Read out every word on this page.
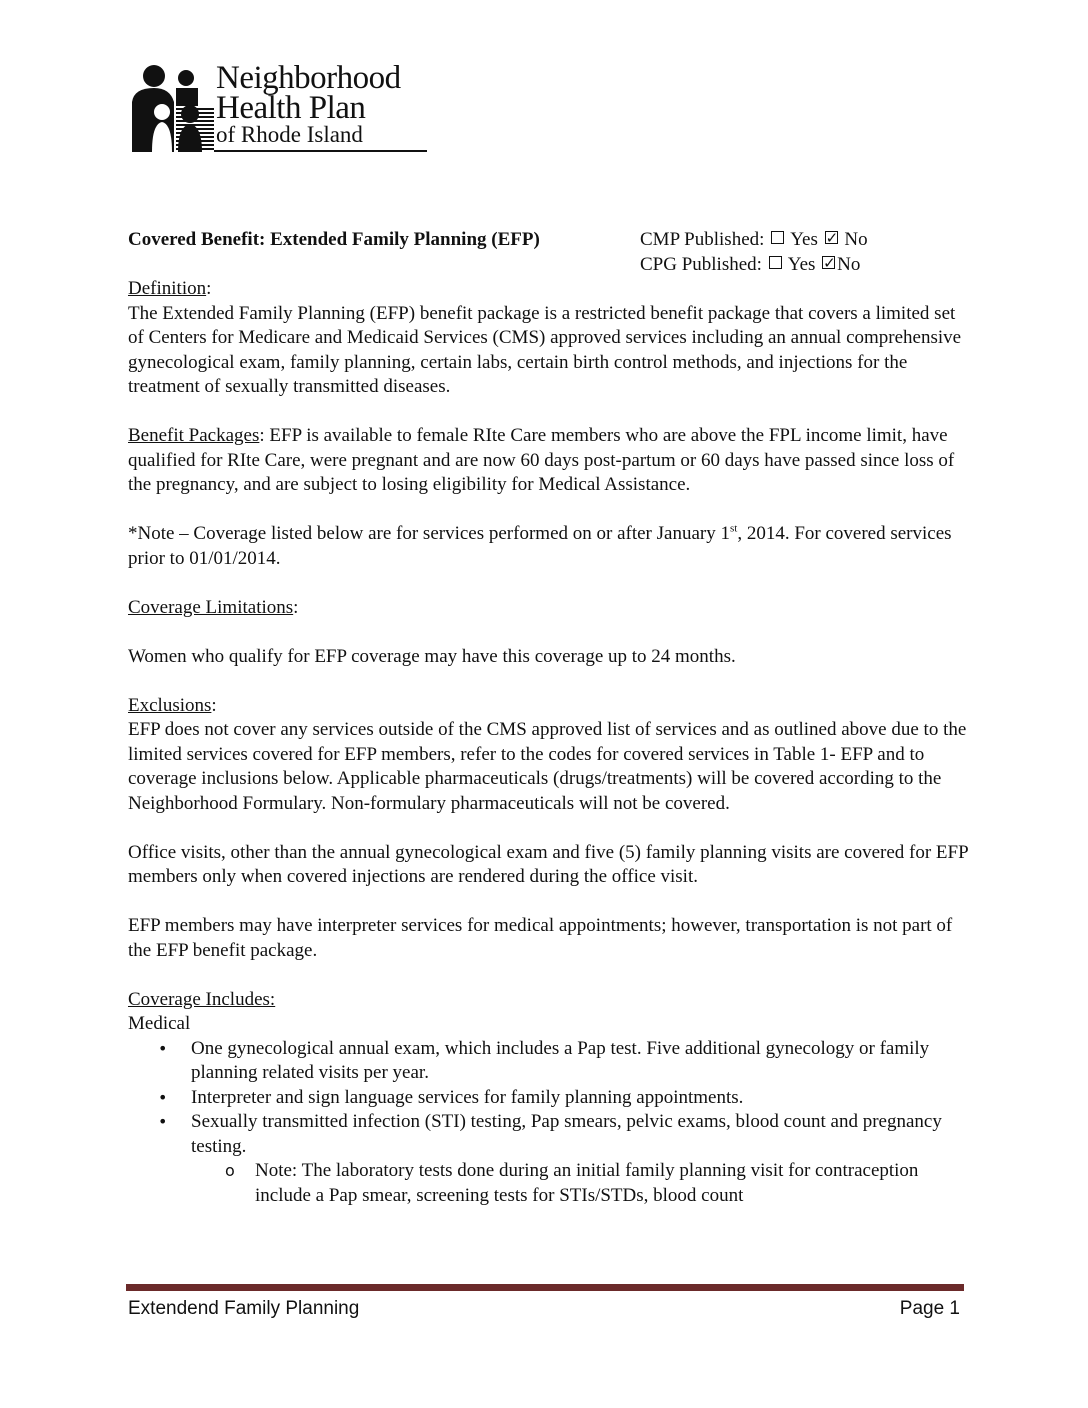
Neighborhood
Health Plan
of Rhode Island
Covered Benefit: Extended Family Planning (EFP)	CMP Published: Yes ✓ No
CPG Published: Yes ✓ No

Definition:

The Extended Family Planning (EFP) benefit package is a restricted benefit package that covers a limited set of Centers for Medicare and Medicaid Services (CMS) approved services including an annual comprehensive gynecological exam, family planning, certain labs, certain birth control methods, and injections for the treatment of sexually transmitted diseases.

Benefit Packages: EFP is available to female RIte Care members who are above the FPL income limit, have qualified for RIte Care, were pregnant and are now 60 days post-partum or 60 days have passed since loss of the pregnancy, and are subject to losing eligibility for Medical Assistance.

*Note – Coverage listed below are for services performed on or after January 1st, 2014. For covered services prior to 01/01/2014.

Coverage Limitations:

Women who qualify for EFP coverage may have this coverage up to 24 months.

Exclusions:

EFP does not cover any services outside of the CMS approved list of services and as outlined above due to the limited services covered for EFP members, refer to the codes for covered services in Table 1- EFP and to coverage inclusions below. Applicable pharmaceuticals (drugs/treatments) will be covered according to the Neighborhood Formulary. Non-formulary pharmaceuticals will not be covered.

Office visits, other than the annual gynecological exam and five (5) family planning visits are covered for EFP members only when covered injections are rendered during the office visit.

EFP members may have interpreter services for medical appointments; however, transportation is not part of the EFP benefit package.

Coverage Includes:

Medical

• One gynecological annual exam, which includes a Pap test. Five additional gynecology or family planning related visits per year.
• Interpreter and sign language services for family planning appointments.
• Sexually transmitted infection (STI) testing, Pap smears, pelvic exams, blood count and pregnancy testing.
o Note: The laboratory tests done during an initial family planning visit for contraception include a Pap smear, screening tests for STIs/STDs, blood count
Extendend Family Planning	Page 1
